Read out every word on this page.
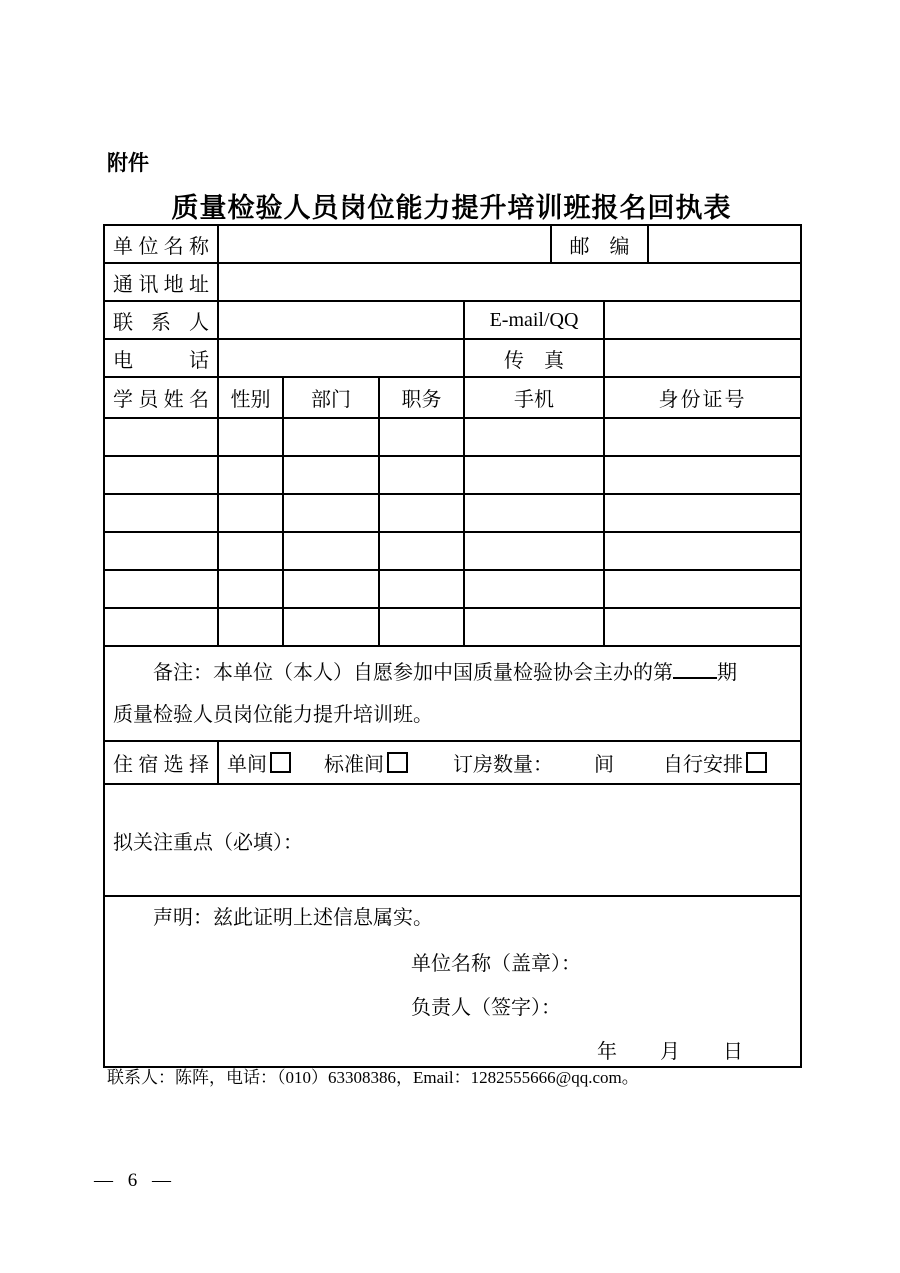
附件
质量检验人员岗位能力提升培训班报名回执表
单位名称					邮　编		
通讯地址							
联系人				E-mail/QQ			
电话				传　真			
学员姓名	性别	部门	职务	手机		身份证号	

备注：本单位（本人）自愿参加中国质量检验协会主办的第 期
质量检验人员岗位能力提升培训班。							
住宿选择	单间 标准间 订房数量： 间 自行安排						
拟关注重点（必填）：							

声明：兹此证明上述信息属实。
单位名称（盖章）：
负责人（签字）：
年　　月　　日							
联系人：陈阵，电话：（010）63308386，Email：1282555666@qq.com。
— 6 —
